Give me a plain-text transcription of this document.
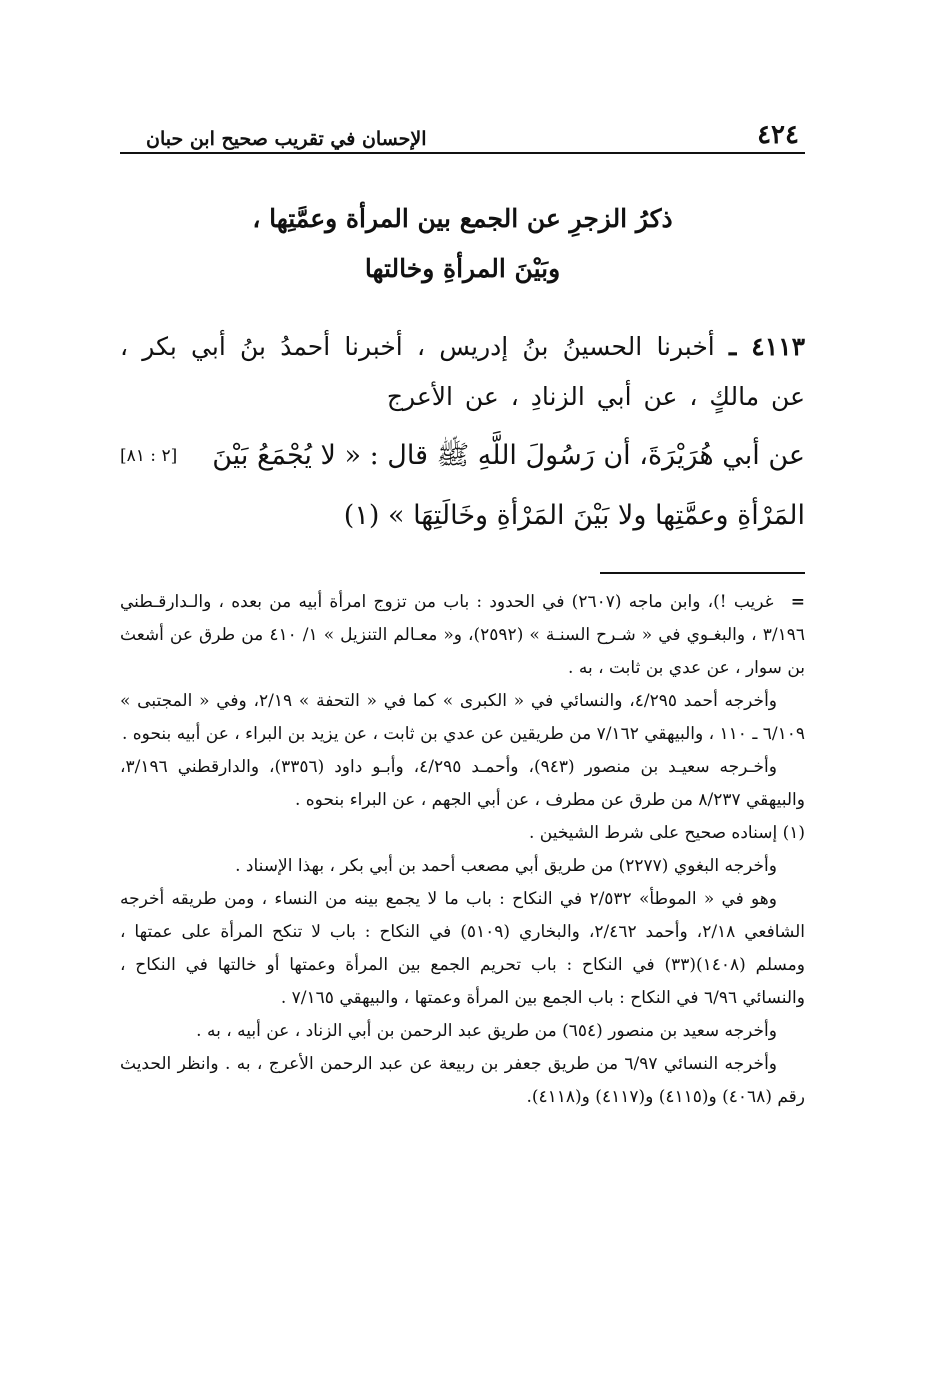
٤٢٤
الإحسان في تقريب صحيح ابن حبان
ذكرُ الزجرِ عن الجمع بين المرأة وعمَّتِها ،
وبَيْنَ المرأةِ وخالتها
٤١١٣ ـ أخبرنا الحسينُ بنُ إدريس ، أخبرنا أحمدُ بنُ أبي بكر ، عن مالكٍ ، عن أبي الزنادِ ، عن الأعرج
[٢ : ٨١] عن أبي هُرَيْرَةَ، أن رَسُولَ اللَّهِ ﷺ قال : « لا يُجْمَعُ بَيْنَ المَرْأةِ وعمَّتِها ولا بَيْنَ المَرْأةِ وخَالَتِهَا » (١)

= غريب !)، وابن ماجه (٢٦٠٧) في الحدود : باب من تزوج امرأة أبيه من بعده ، والـدارقـطني ٣/١٩٦ ، والبغـوي في « شـرح السنـة » (٢٥٩٢)، و« معـالم التنزيل » ١/ ٤١٠ من طرق عن أشعث بن سوار ، عن عدي بن ثابت ، به .

وأخرجه أحمد ٤/٢٩٥، والنسائي في « الكبرى » كما في « التحفة » ٢/١٩، وفي « المجتبى » ٦/١٠٩ ـ ١١٠ ، والبيهقي ٧/١٦٢ من طريقين عن عدي بن ثابت ، عن يزيد بن البراء ، عن أبيه بنحوه .

وأخـرجه سعيـد بن منصور (٩٤٣)، وأحمـد ٤/٢٩٥، وأبـو داود (٣٣٥٦)، والدارقطني ٣/١٩٦، والبيهقي ٨/٢٣٧ من طرق عن مطرف ، عن أبي الجهم ، عن البراء بنحوه .

(١) إسناده صحيح على شرط الشيخين .

وأخرجه البغوي (٢٢٧٧) من طريق أبي مصعب أحمد بن أبي بكر ، بهذا الإسناد .

وهو في « الموطأ» ٢/٥٣٢ في النكاح : باب ما لا يجمع بينه من النساء ، ومن طريقه أخرجه الشافعي ٢/١٨، وأحمد ٢/٤٦٢، والبخاري (٥١٠٩) في النكاح : باب لا تنكح المرأة على عمتها ، ومسلم (١٤٠٨)(٣٣) في النكاح : باب تحريم الجمع بين المرأة وعمتها أو خالتها في النكاح ، والنسائي ٦/٩٦ في النكاح : باب الجمع بين المرأة وعمتها ، والبيهقي ٧/١٦٥ .

وأخرجه سعيد بن منصور (٦٥٤) من طريق عبد الرحمن بن أبي الزناد ، عن أبيه ، به .

وأخرجه النسائي ٦/٩٧ من طريق جعفر بن ربيعة عن عبد الرحمن الأعرج ، به . وانظر الحديث رقم (٤٠٦٨) و(٤١١٥) و(٤١١٧) و(٤١١٨).
